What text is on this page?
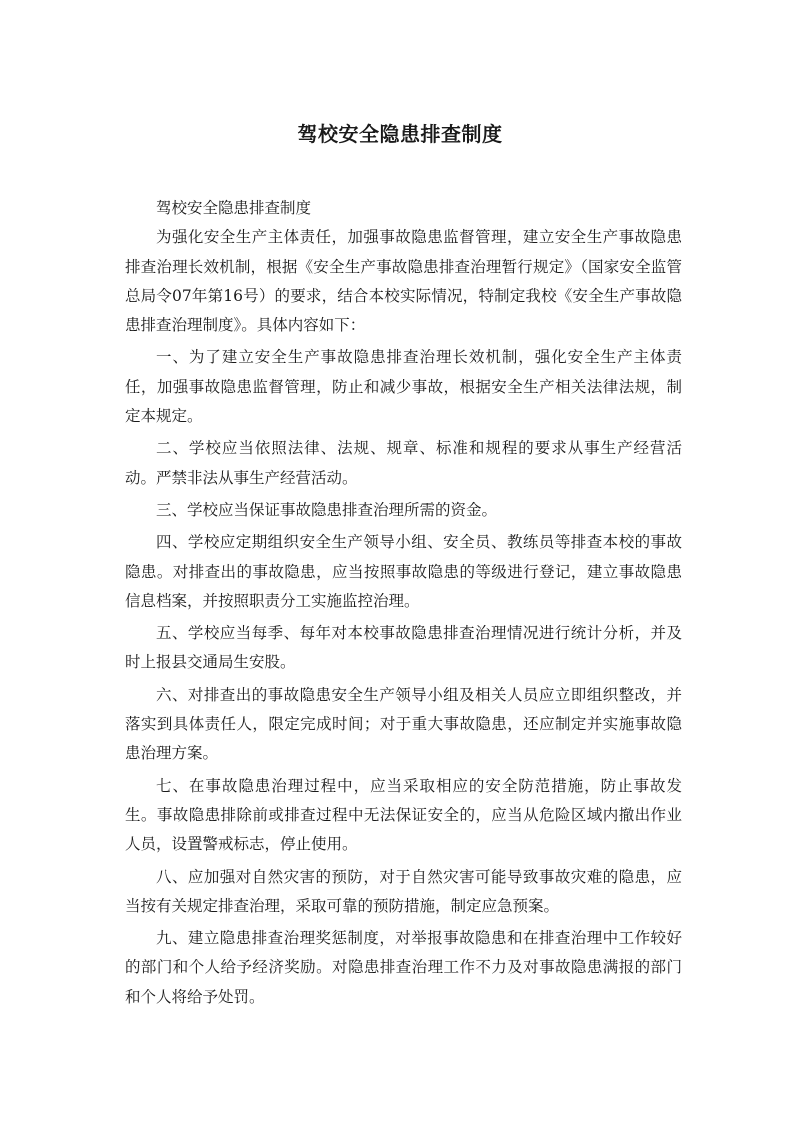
驾校安全隐患排查制度

驾校安全隐患排查制度

为强化安全生产主体责任，加强事故隐患监督管理，建立安全生产事故隐患排查治理长效机制，根据《安全生产事故隐患排查治理暂行规定》（国家安全监管总局令07年第16号）的要求，结合本校实际情况，特制定我校《安全生产事故隐患排查治理制度》。具体内容如下：

一、为了建立安全生产事故隐患排查治理长效机制，强化安全生产主体责任，加强事故隐患监督管理，防止和减少事故，根据安全生产相关法律法规，制定本规定。

二、学校应当依照法律、法规、规章、标准和规程的要求从事生产经营活动。严禁非法从事生产经营活动。

三、学校应当保证事故隐患排查治理所需的资金。

四、学校应定期组织安全生产领导小组、安全员、教练员等排查本校的事故隐患。对排查出的事故隐患，应当按照事故隐患的等级进行登记，建立事故隐患信息档案，并按照职责分工实施监控治理。

五、学校应当每季、每年对本校事故隐患排查治理情况进行统计分析，并及时上报县交通局生安股。

六、对排查出的事故隐患安全生产领导小组及相关人员应立即组织整改，并落实到具体责任人，限定完成时间；对于重大事故隐患，还应制定并实施事故隐患治理方案。

七、在事故隐患治理过程中，应当采取相应的安全防范措施，防止事故发生。事故隐患排除前或排查过程中无法保证安全的，应当从危险区域内撤出作业人员，设置警戒标志，停止使用。

八、应加强对自然灾害的预防，对于自然灾害可能导致事故灾难的隐患，应当按有关规定排查治理，采取可靠的预防措施，制定应急预案。

九、建立隐患排查治理奖惩制度，对举报事故隐患和在排查治理中工作较好的部门和个人给予经济奖励。对隐患排查治理工作不力及对事故隐患满报的部门和个人将给予处罚。
